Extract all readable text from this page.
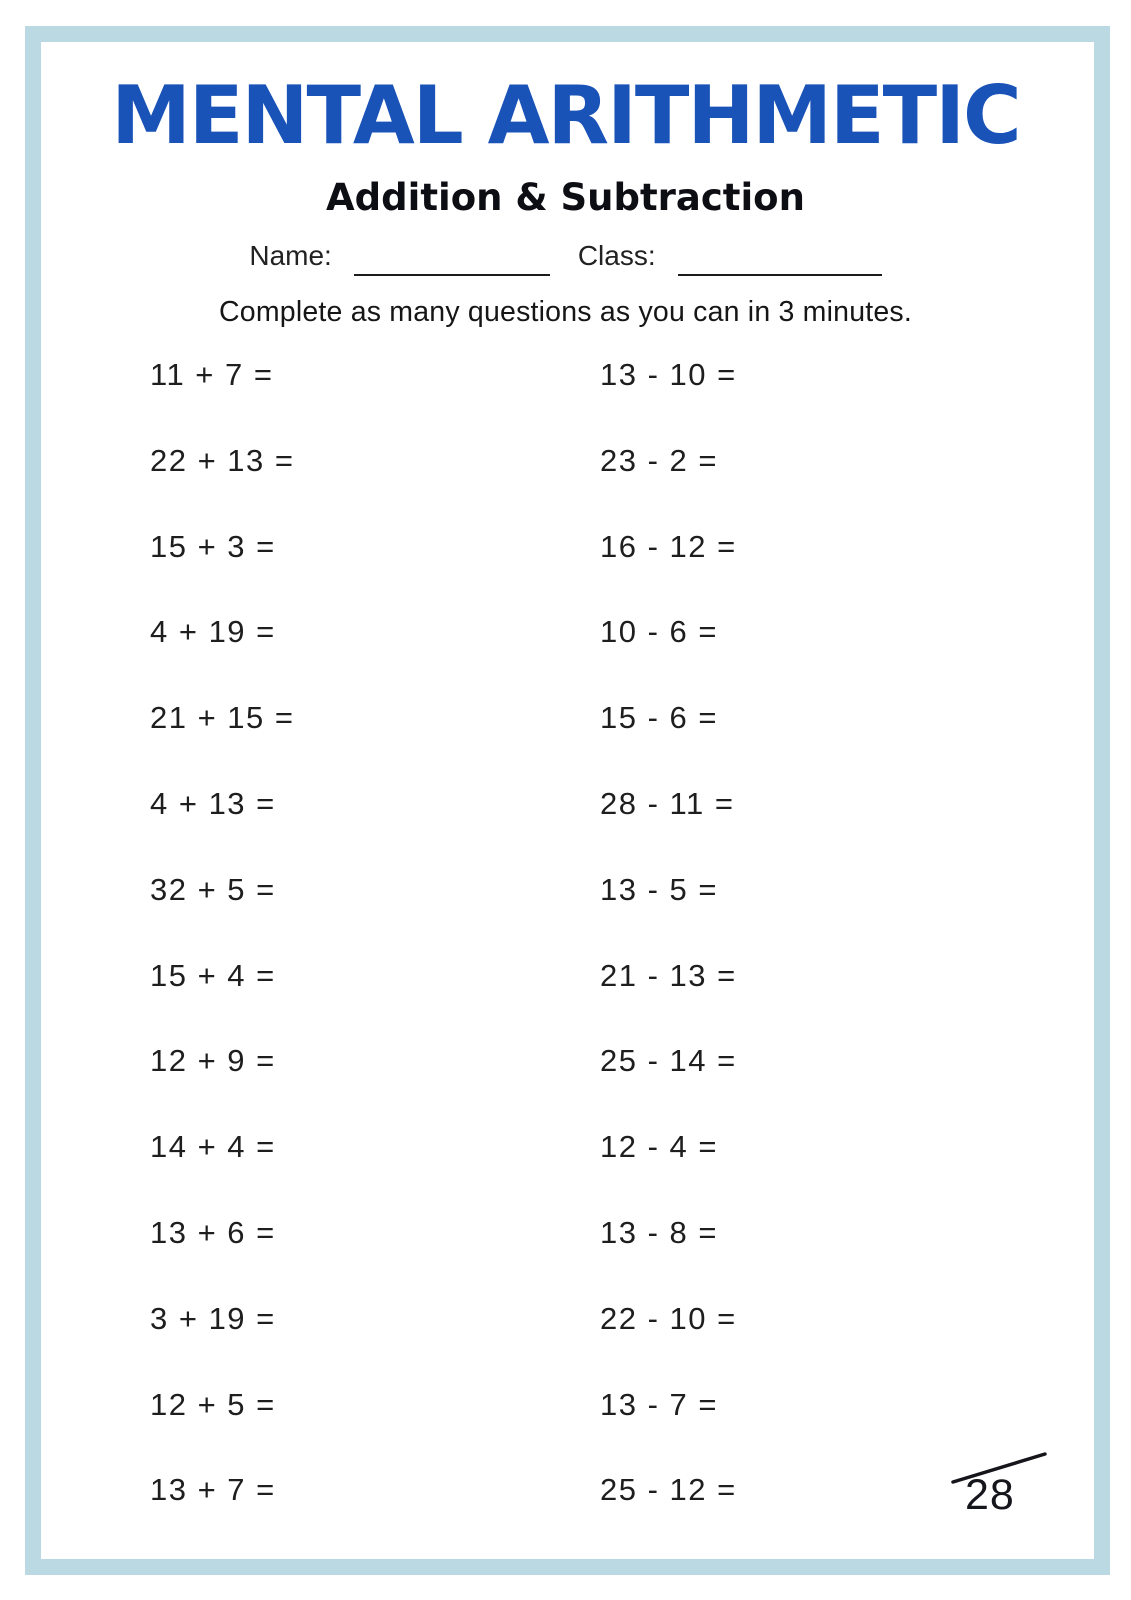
MENTAL ARITHMETIC
Addition & Subtraction
Name:	Class:
Complete as many questions as you can in 3 minutes.
11 + 7 =
22 + 13 =
15 + 3 =
4 + 19 =
21 + 15 =
4 + 13 =
32 + 5 =
15 + 4 =
12 + 9 =
14 + 4 =
13 + 6 =
3 + 19 =
12 + 5 =
13 + 7 =
13 - 10 =
23 - 2 =
16 - 12 =
10 - 6 =
15 - 6 =
28 - 11 =
13 - 5 =
21 - 13 =
25 - 14 =
12 - 4 =
13 - 8 =
22 - 10 =
13 - 7 =
25 - 12 =	28
